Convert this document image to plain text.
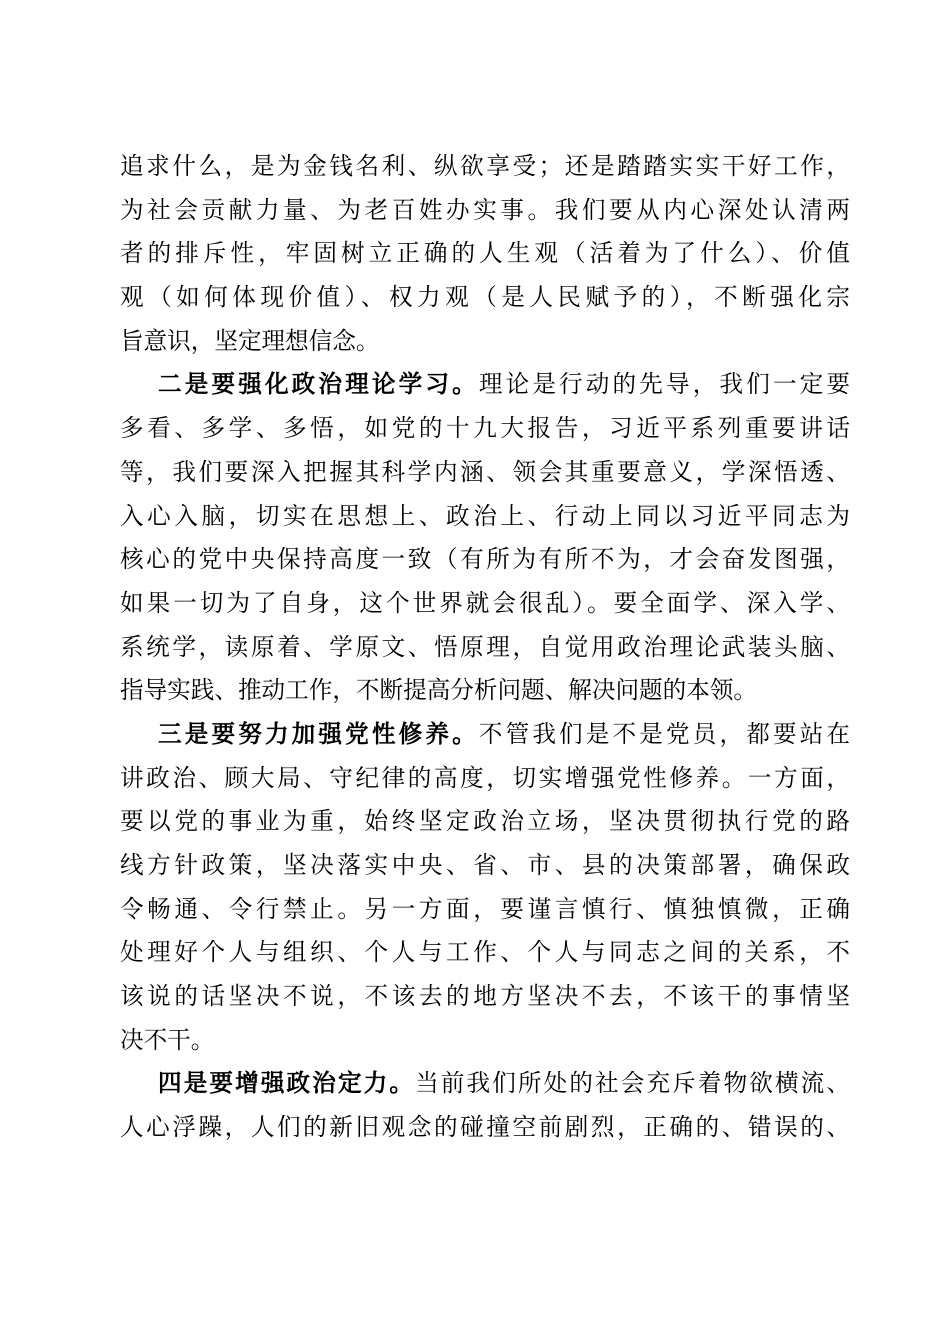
追求什么，是为金钱名利、纵欲享受；还是踏踏实实干好工作，
为社会贡献力量、为老百姓办实事。我们要从内心深处认清两
者的排斥性，牢固树立正确的人生观（活着为了什么）、价值
观（如何体现价值）、权力观（是人民赋予的），不断强化宗
旨意识，坚定理想信念。
二是要强化政治理论学习。理论是行动的先导，我们一定要
多看、多学、多悟，如党的十九大报告，习近平系列重要讲话
等，我们要深入把握其科学内涵、领会其重要意义，学深悟透、
入心入脑，切实在思想上、政治上、行动上同以习近平同志为
核心的党中央保持高度一致（有所为有所不为，才会奋发图强，
如果一切为了自身，这个世界就会很乱）。要全面学、深入学、
系统学，读原着、学原文、悟原理，自觉用政治理论武装头脑、
指导实践、推动工作，不断提高分析问题、解决问题的本领。
三是要努力加强党性修养。不管我们是不是党员，都要站在
讲政治、顾大局、守纪律的高度，切实增强党性修养。一方面，
要以党的事业为重，始终坚定政治立场，坚决贯彻执行党的路
线方针政策，坚决落实中央、省、市、县的决策部署，确保政
令畅通、令行禁止。另一方面，要谨言慎行、慎独慎微，正确
处理好个人与组织、个人与工作、个人与同志之间的关系，不
该说的话坚决不说，不该去的地方坚决不去，不该干的事情坚
决不干。
四是要增强政治定力。当前我们所处的社会充斥着物欲横流、
人心浮躁，人们的新旧观念的碰撞空前剧烈，正确的、错误的、
